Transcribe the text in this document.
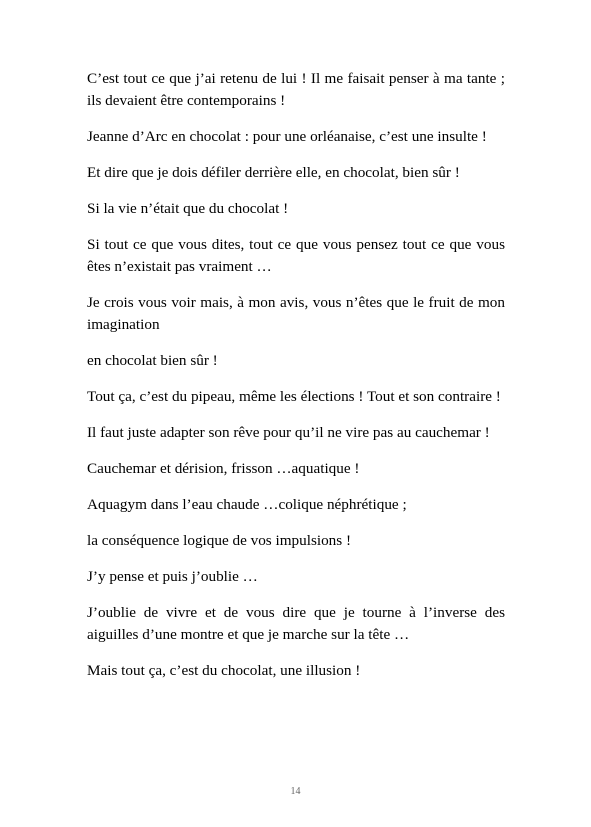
C’est tout ce que j’ai retenu de lui ! Il me faisait penser à ma tante ; ils devaient être contemporains !

Jeanne d’Arc en chocolat : pour une orléanaise, c’est une insulte !

Et dire que je dois défiler derrière elle, en chocolat, bien sûr !

Si la vie n’était que du chocolat !

Si tout ce que vous dites, tout ce que vous pensez tout ce que vous êtes n’existait pas vraiment …

Je crois vous voir mais, à mon avis, vous n’êtes que le fruit de mon imagination

en chocolat bien sûr !

Tout ça, c’est du pipeau, même les élections ! Tout et son contraire !

Il faut juste adapter son rêve pour qu’il ne vire pas au cauchemar !

Cauchemar et dérision, frisson …aquatique !

Aquagym dans l’eau chaude …colique néphrétique ;

la conséquence logique de vos impulsions !

J’y pense et puis j’oublie …

J’oublie de vivre et de vous dire que je tourne à l’inverse des aiguilles d’une montre et que je marche sur la tête …

Mais tout ça, c’est du chocolat, une illusion !

14
